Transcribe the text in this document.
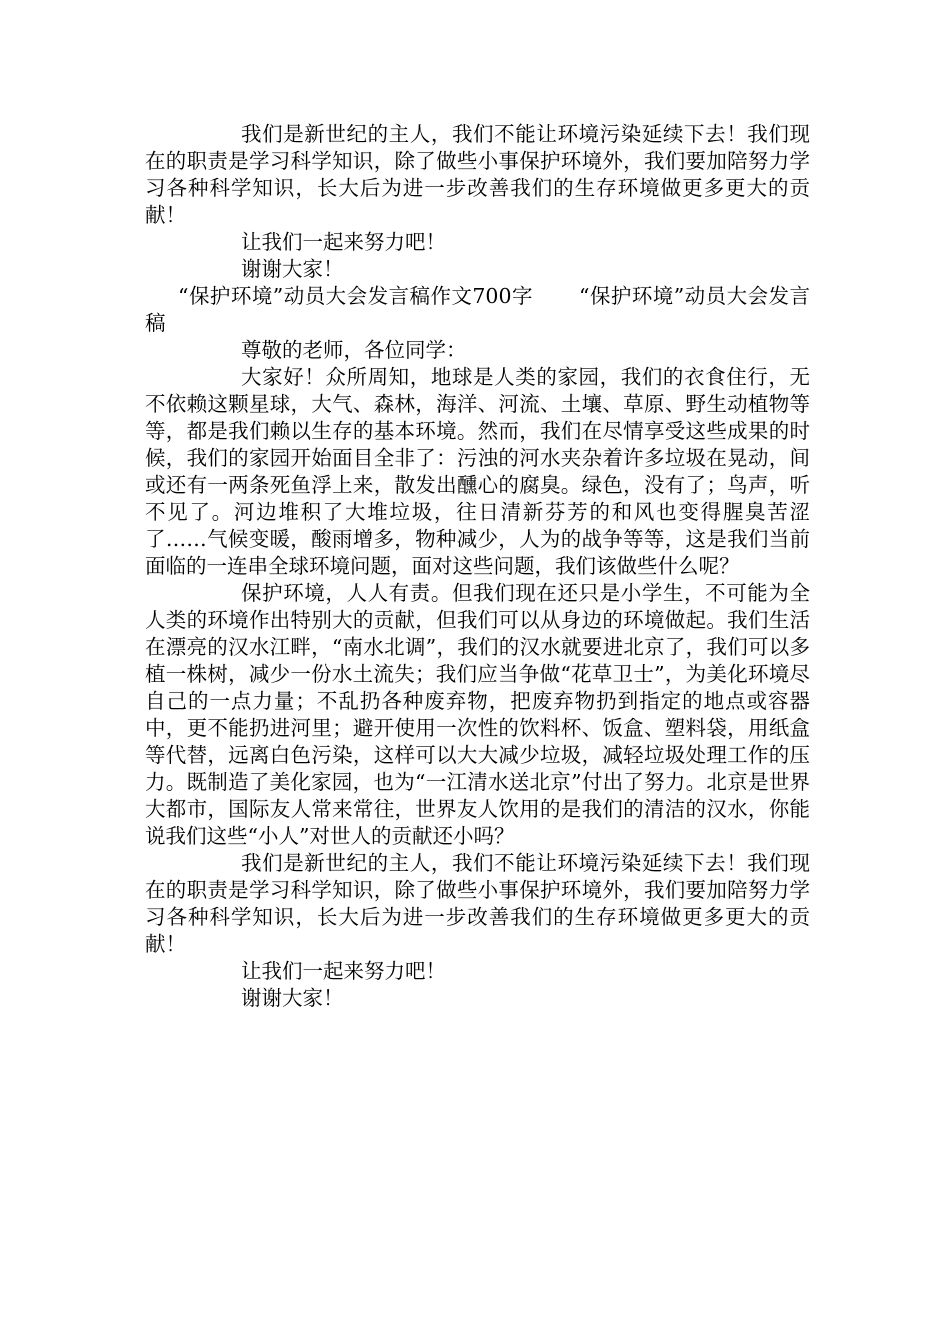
我们是新世纪的主人，我们不能让环境污染延续下去！我们现在的职责是学习科学知识，除了做些小事保护环境外，我们要加陪努力学习各种科学知识，长大后为进一步改善我们的生存环境做更多更大的贡献！

让我们一起来努力吧！

谢谢大家！

“保护环境”动员大会发言稿作文700字 “保护环境”动员大会发言稿

尊敬的老师，各位同学：

大家好！众所周知，地球是人类的家园，我们的衣食住行，无不依赖这颗星球，大气、森林，海洋、河流、土壤、草原、野生动植物等等，都是我们赖以生存的基本环境。然而，我们在尽情享受这些成果的时候，我们的家园开始面目全非了：污浊的河水夹杂着许多垃圾在晃动，间或还有一两条死鱼浮上来，散发出醺心的腐臭。绿色，没有了；鸟声，听不见了。河边堆积了大堆垃圾，往日清新芬芳的和风也变得腥臭苦涩了……气候变暖，酸雨增多，物种减少，人为的战争等等，这是我们当前面临的一连串全球环境问题，面对这些问题，我们该做些什么呢？

保护环境，人人有责。但我们现在还只是小学生，不可能为全人类的环境作出特别大的贡献，但我们可以从身边的环境做起。我们生活在漂亮的汉水江畔，“南水北调”，我们的汉水就要进北京了，我们可以多植一株树，减少一份水土流失；我们应当争做“花草卫士”，为美化环境尽自己的一点力量；不乱扔各种废弃物，把废弃物扔到指定的地点或容器中，更不能扔进河里；避开使用一次性的饮料杯、饭盒、塑料袋，用纸盒等代替，远离白色污染，这样可以大大减少垃圾，减轻垃圾处理工作的压力。既制造了美化家园，也为“一江清水送北京”付出了努力。北京是世界大都市，国际友人常来常往，世界友人饮用的是我们的清洁的汉水，你能说我们这些“小人”对世人的贡献还小吗？

我们是新世纪的主人，我们不能让环境污染延续下去！我们现在的职责是学习科学知识，除了做些小事保护环境外，我们要加陪努力学习各种科学知识，长大后为进一步改善我们的生存环境做更多更大的贡献！

让我们一起来努力吧！

谢谢大家！
